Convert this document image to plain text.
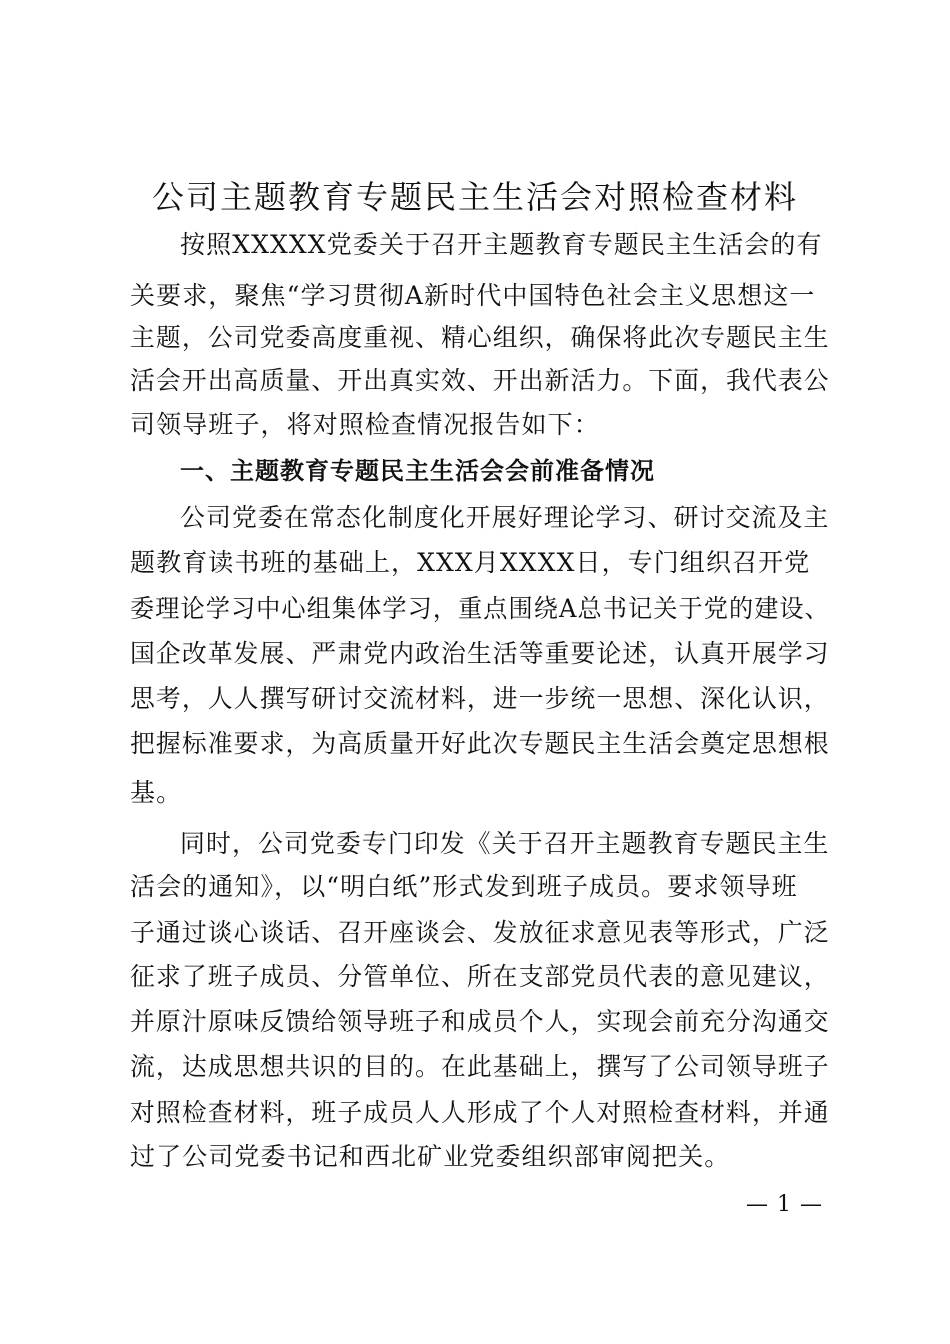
公司主题教育专题民主生活会对照检查材料
按照XXXXX党委关于召开主题教育专题民主生活会的有
关要求，聚焦“学习贯彻A新时代中国特色社会主义思想这一
主题，公司党委高度重视、精心组织，确保将此次专题民主生
活会开出高质量、开出真实效、开出新活力。下面，我代表公
司领导班子，将对照检查情况报告如下：
一、主题教育专题民主生活会会前准备情况
公司党委在常态化制度化开展好理论学习、研讨交流及主
题教育读书班的基础上，XXX月XXXX日，专门组织召开党
委理论学习中心组集体学习，重点围绕A总书记关于党的建设、
国企改革发展、严肃党内政治生活等重要论述，认真开展学习
思考，人人撰写研讨交流材料，进一步统一思想、深化认识，
把握标准要求，为高质量开好此次专题民主生活会奠定思想根
基。
同时，公司党委专门印发《关于召开主题教育专题民主生
活会的通知》，以“明白纸”形式发到班子成员。要求领导班
子通过谈心谈话、召开座谈会、发放征求意见表等形式，广泛
征求了班子成员、分管单位、所在支部党员代表的意见建议，
并原汁原味反馈给领导班子和成员个人，实现会前充分沟通交
流，达成思想共识的目的。在此基础上，撰写了公司领导班子
对照检查材料，班子成员人人形成了个人对照检查材料，并通
过了公司党委书记和西北矿业党委组织部审阅把关。
— 1 —
